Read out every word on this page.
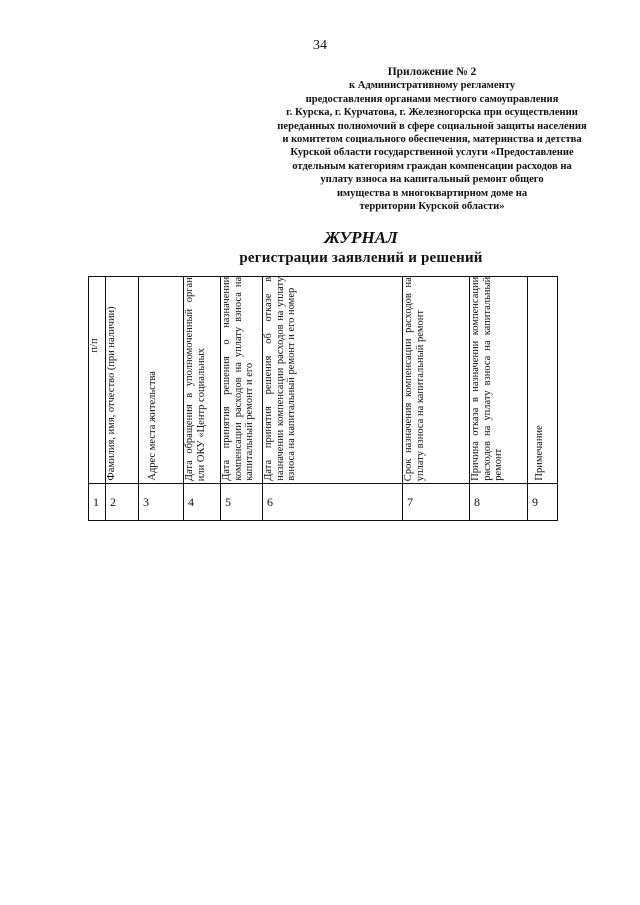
34
Приложение № 2
к Административному регламенту
предоставления органами местного самоуправления
г. Курска, г. Курчатова, г. Железногорска при осуществлении
переданных полномочий в сфере социальной защиты населения
и комитетом социального обеспечения, материнства и детства
Курской области государственной услуги «Предоставление
отдельным категориям граждан компенсации расходов на
уплату взноса на капитальный ремонт общего
имущества в многоквартирном доме на
территории Курской области»
ЖУРНАЛ
регистрации заявлений и решений
п/п	Фамилия, имя, отчество (при наличии)	Адрес места жительства	Дата обращения в уполномоченный орган или ОКУ «Центр социальных	Дата принятия решения о назначении компенсации расходов на уплату взноса на капитальный ремонт и его	Дата принятия решения об отказе в назначении компенсации расходов на уплату взноса на капитальный ремонт и его номер	Срок назначения компенсации расходов на уплату взноса на капитальный ремонт	Причина отказа в назначении компенсации расходов на уплату взноса на капитальный ремонт	Примечание

1	2	3	4	5	6	7	8	9
